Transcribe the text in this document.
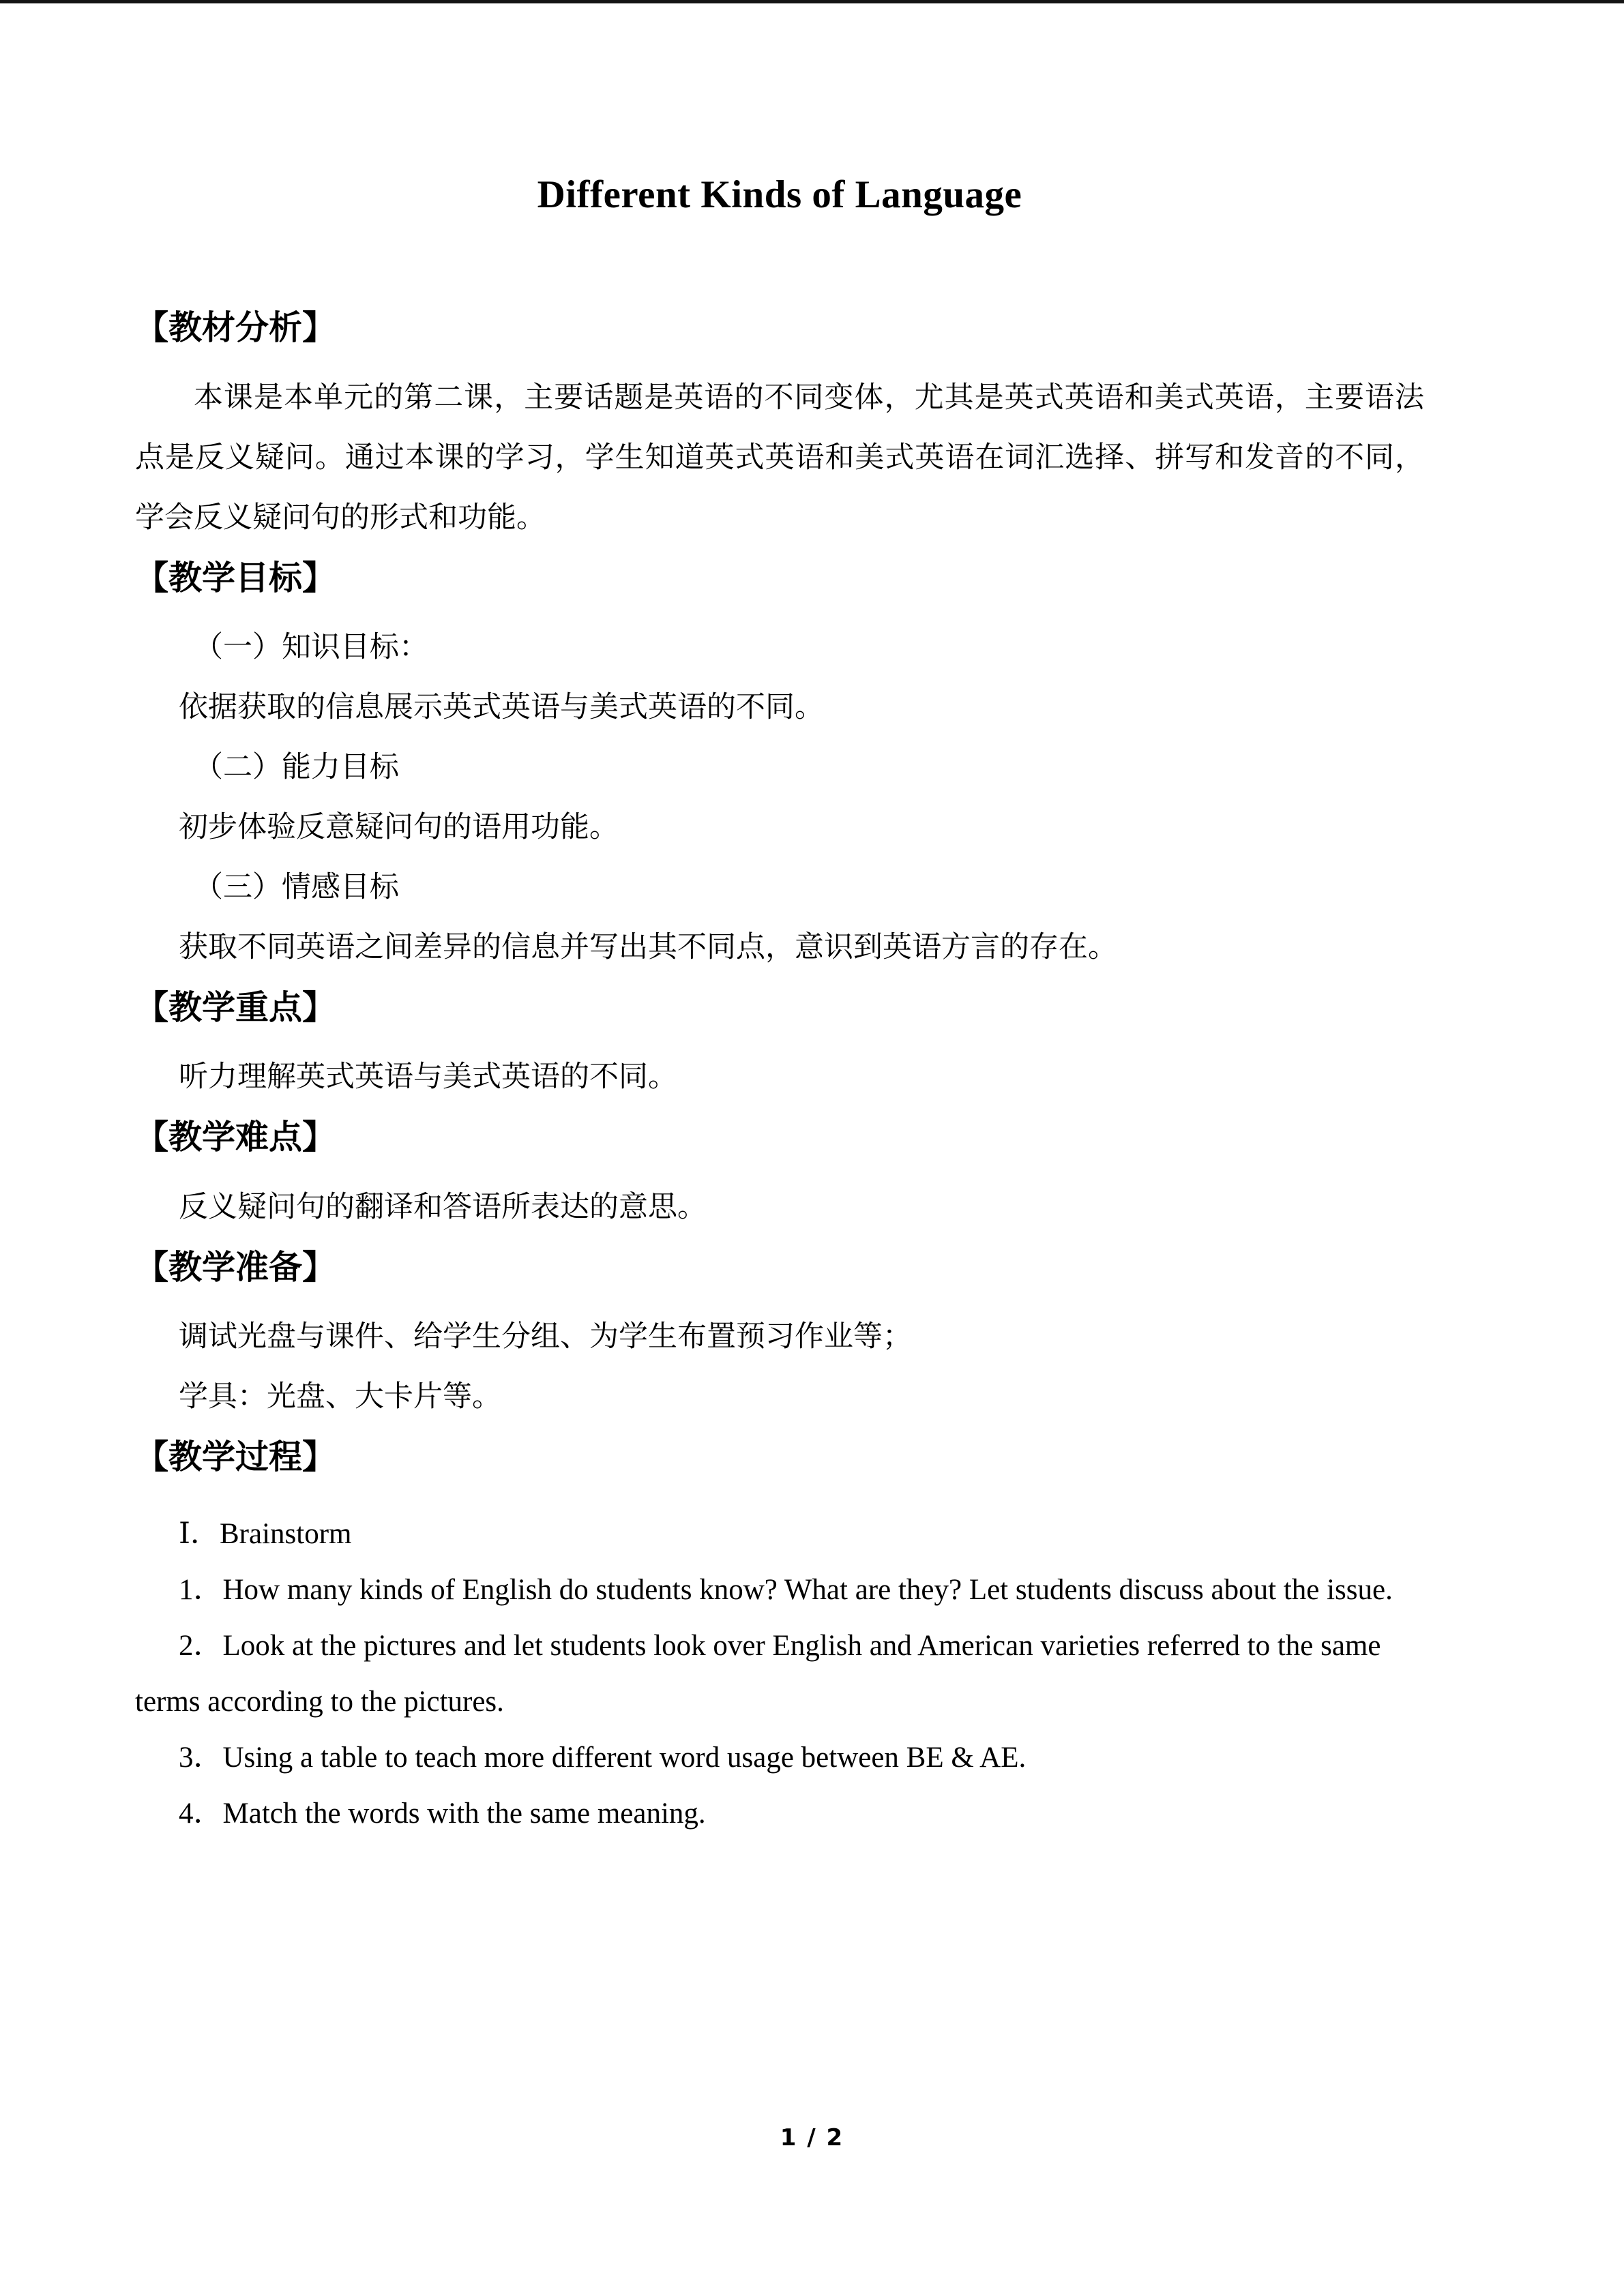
Different Kinds of Language
【教材分析】

本课是本单元的第二课，主要话题是英语的不同变体，尤其是英式英语和美式英语，主要语法点是反义疑问。通过本课的学习，学生知道英式英语和美式英语在词汇选择、拼写和发音的不同，学会反义疑问句的形式和功能。

【教学目标】

（一）知识目标：

依据获取的信息展示英式英语与美式英语的不同。

（二）能力目标

初步体验反意疑问句的语用功能。

（三）情感目标

获取不同英语之间差异的信息并写出其不同点，意识到英语方言的存在。

【教学重点】

听力理解英式英语与美式英语的不同。

【教学难点】

反义疑问句的翻译和答语所表达的意思。

【教学准备】

调试光盘与课件、给学生分组、为学生布置预习作业等；

学具：光盘、大卡片等。

【教学过程】

Ⅰ．Brainstorm

1．How many kinds of English do students know? What are they? Let students discuss about the issue.

2．Look at the pictures and let students look over English and American varieties referred to the same terms according to the pictures.

3．Using a table to teach more different word usage between BE & AE.

4．Match the words with the same meaning.

1 / 2
